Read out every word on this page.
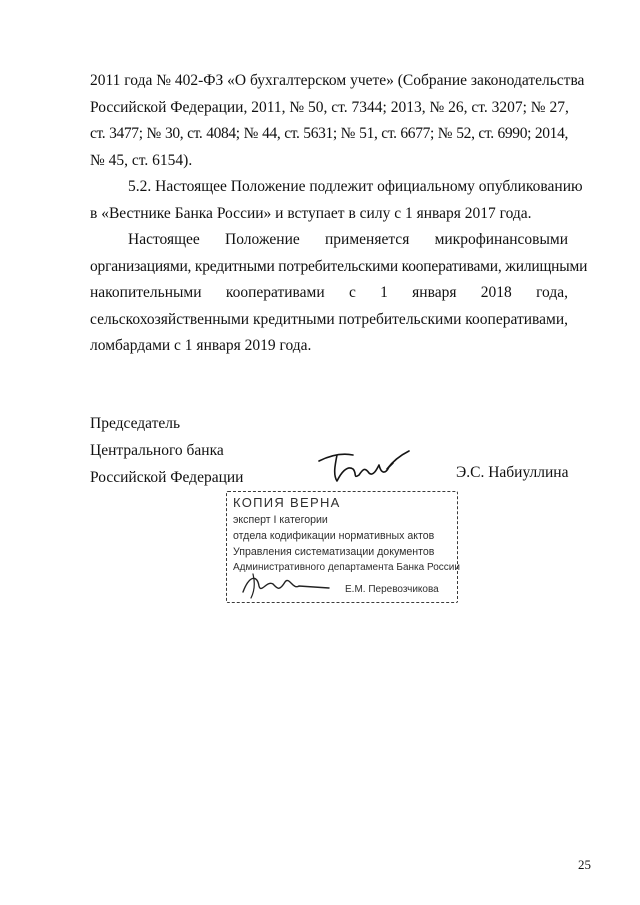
2011 года № 402-ФЗ «О бухгалтерском учете» (Собрание законодательства
Российской Федерации, 2011, № 50, ст. 7344; 2013, № 26, ст. 3207; № 27,
ст. 3477; № 30, ст. 4084; № 44, ст. 5631; № 51, ст. 6677; № 52, ст. 6990; 2014,
№ 45, ст. 6154).
5.2. Настоящее Положение подлежит официальному опубликованию
в «Вестнике Банка России» и вступает в силу с 1 января 2017 года.
Настоящее Положение применяется микрофинансовыми
организациями, кредитными потребительскими кооперативами, жилищными
накопительными кооперативами с 1 января 2018 года,
сельскохозяйственными кредитными потребительскими кооперативами,
ломбардами с 1 января 2019 года.
Председатель
Центрального банка
Российской Федерации	Э.С. Набиуллина
КОПИЯ ВЕРНА
эксперт I категории
отдела кодификации нормативных актов
Управления систематизации документов
Административного департамента Банка России
Е.М. Перевозчикова
25
